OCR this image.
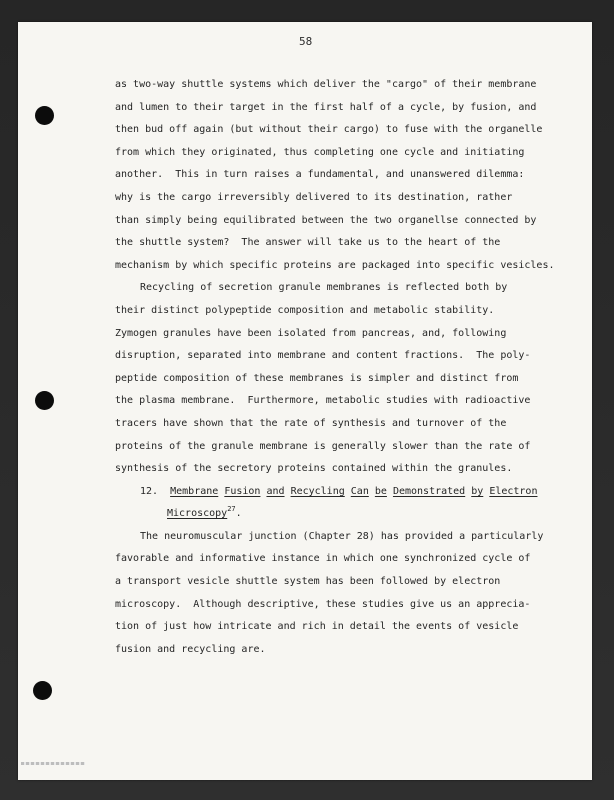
58
as two-way shuttle systems which deliver the "cargo" of their membrane
and lumen to their target in the first half of a cycle, by fusion, and
then bud off again (but without their cargo) to fuse with the organelle
from which they originated, thus completing one cycle and initiating
another.  This in turn raises a fundamental, and unanswered dilemma:
why is the cargo irreversibly delivered to its destination, rather
than simply being equilibrated between the two organellse connected by
the shuttle system?  The answer will take us to the heart of the
mechanism by which specific proteins are packaged into specific vesicles.
Recycling of secretion granule membranes is reflected both by
their distinct polypeptide composition and metabolic stability.
Zymogen granules have been isolated from pancreas, and, following
disruption, separated into membrane and content fractions.  The poly-
peptide composition of these membranes is simpler and distinct from
the plasma membrane.  Furthermore, metabolic studies with radioactive
tracers have shown that the rate of synthesis and turnover of the
proteins of the granule membrane is generally slower than the rate of
synthesis of the secretory proteins contained within the granules.
12. Membrane Fusion and Recycling Can be Demonstrated by Electron
Microscopy$^{27}$.
The neuromuscular junction (Chapter 28) has provided a particularly
favorable and informative instance in which one synchronized cycle of
a transport vesicle shuttle system has been followed by electron
microscopy.  Although descriptive, these studies give us an apprecia-
tion of just how intricate and rich in detail the events of vesicle
fusion and recycling are.
